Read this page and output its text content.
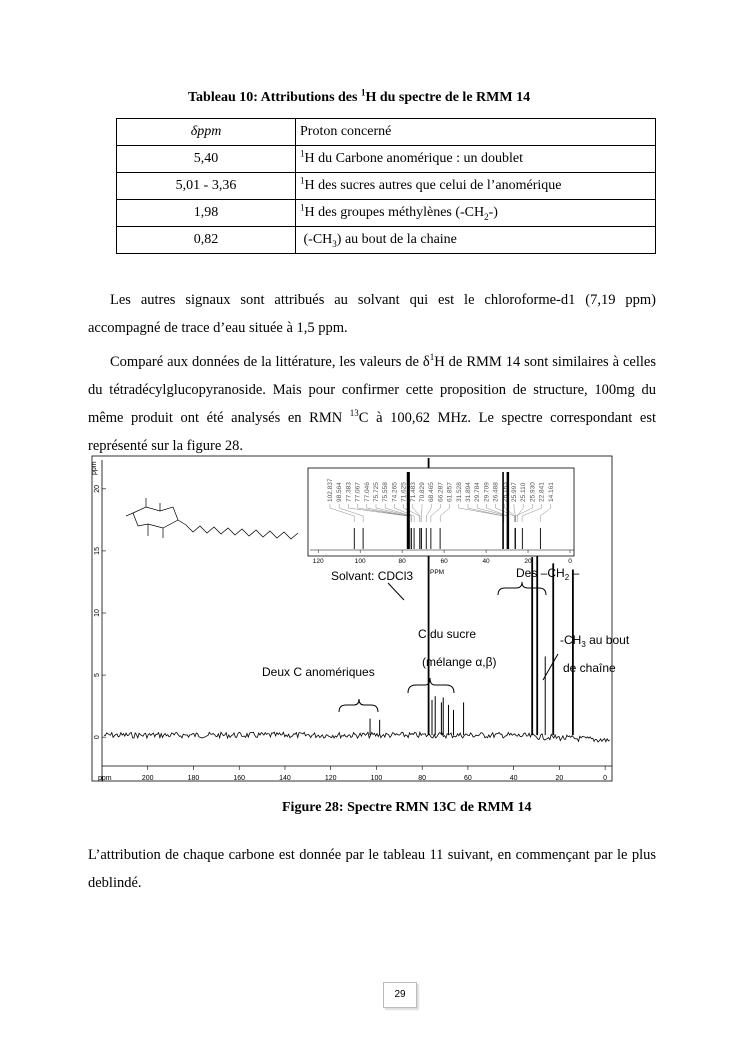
Tableau 10: Attributions des $^1$H du spectre de le RMM 14
δppm	Proton concerné
5,40	$^1$H du Carbone anomérique : un doublet
5,01 - 3,36	$^1$H des sucres autres que celui de l’anomérique
1,98	$^1$H des groupes méthylènes $(-CH_2-)$
0,82	$(-CH_3)$ au bout de la chaine
Les autres signaux sont attribués au solvant qui est le chloroforme-d1 (7,19 ppm)
accompagné de trace d’eau située à 1,5 ppm.
Comparé aux données de la littérature, les valeurs de $\delta^1H$ de RMM 14 sont similaires à celles du tétradécylglucopyranoside. Mais pour confirmer cette proposition de structure, 100mg du même produit ont été analysés en RMN $^{13}$C à 100,62 MHz. Le spectre correspondant est représenté sur la figure 28.
200	180	160	140	120	100	80	60	40	20	0
0
5
10
15
20
ppm
ppm
120	100	80	60	40	20	0
102.837 98.564 77.383 77.067 77.046 75.725 75.558 74.265 71.625 71.483 70.829 68.465 66.287 61.857 31.528 31.894 29.784 29.709 26.488 26.163 25.997 25.110 25.930 22.841 14.161
PPM
Solvant: CDCl3	Des $-CH_2$ –
C du sucre
(mélange α,β)
Deux C anomériques
$-CH_3$ au bout
de chaîne
Figure 28: Spectre RMN 13C de RMM 14
L’attribution de chaque carbone est donnée par le tableau 11 suivant, en commençant par le plus deblindé.
29
